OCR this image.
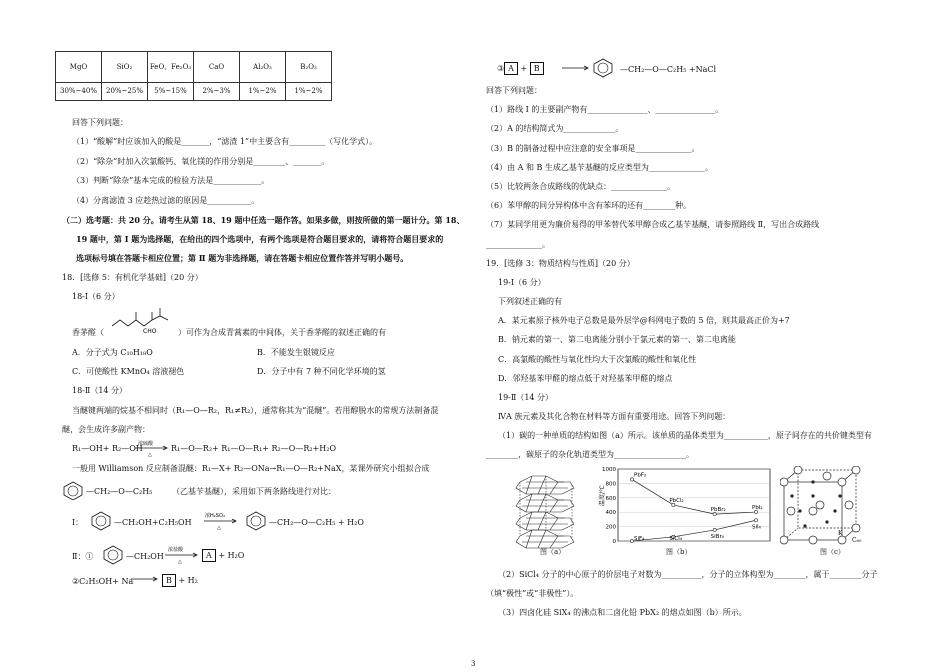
MgO	SiO₂	FeO、Fe₂O₃	CaO	Al₂O₃	B₂O₃
30%~40%	20%~25%	5%~15%	2%~3%	1%~2%	1%~2%
回答下列问题：
（1）“酸解”时应该加入的酸是_______，“滤渣 1”中主要含有_________（写化学式）。
（2）“除杂”时加入次氯酸钙、氧化镁的作用分别是________、_______。
（3）判断“除杂”基本完成的检验方法是____________。
（4）分离滤渣 3 应趁热过滤的原因是___________。
（二）选考题：共 20 分。请考生从第 18、19 题中任选一题作答。如果多做，则按所做的第一题计分。第 18、
19 题中，第 Ⅰ 题为选择题，在给出的四个选项中，有两个选项是符合题目要求的，请将符合题目要求的
选项标号填在答题卡相应位置；第 Ⅱ 题为非选择题，请在答题卡相应位置作答并写明小题号。
18．[选修 5：有机化学基础]（20 分）
18-Ⅰ（6 分）
CHO
香茅醛（	）可作为合成青蒿素的中间体，关于香茅醛的叙述正确的有
A．分子式为 C₁₀H₁₈O	B．不能发生银镜反应
C．可使酸性 KMnO₄ 溶液褪色	D．分子中有 7 种不同化学环境的氢
18-Ⅱ（14 分）
当醚键两端的烷基不相同时（R₁—O—R₂，R₁≠R₂），通常称其为“混醚”。若用醇脱水的常规方法制备混
醚，会生成许多副产物：
R₁—OH+ R₂—OH
浓硫酸
△
R₁—O—R₂+ R₁—O—R₁+ R₂—O—R₂+H₂O
一般用 Williamson 反应制备混醚：R₁—X+ R₂—ONa→R₁—O—R₂+NaX，某课外研究小组拟合成
—CH₂—O—C₂H₅ （乙基苄基醚），采用如下两条路线进行对比：
Ⅰ：	—CH₂OH+C₂H₅OH
浓H₂SO₄
△
—CH₂—O—C₂H₅ + H₂O
Ⅱ：①	—CH₂OH
浓盐酸
△
A + H₂O
②C₂H₅OH+ Na	B + H₂
③ A + B	—CH₂—O—C₂H₅ +NaCl
回答下列问题：
（1）路线 Ⅰ 的主要副产物有_______________、_______________。
（2）A 的结构简式为_____________。
（3）B 的制备过程中应注意的安全事项是______________。
（4）由 A 和 B 生成乙基苄基醚的反应类型为______________。
（5）比较两条合成路线的优缺点：______________。
（6）苯甲醇的同分异构体中含有苯环的还有________种。
（7）某同学用更为廉价易得的甲苯替代苯甲醇合成乙基苄基醚，请参照路线 Ⅱ，写出合成路线
______________。
19．[选修 3：物质结构与性质]（20 分）
19-Ⅰ（6 分）
下列叙述正确的有
A．某元素原子核外电子总数是最外层学@科网电子数的 5 倍，则其最高正价为+7
B．钠元素的第一、第二电离能分别小于氯元素的第一、第二电离能
C．高氯酸的酸性与氧化性均大于次氯酸的酸性和氧化性
D．邻羟基苯甲醛的熔点低于对羟基苯甲醛的熔点
19-Ⅱ（14 分）
ⅣA 族元素及其化合物在材料等方面有重要用途。回答下列问题：
（1）碳的一种单质的结构如图（a）所示。该单质的晶体类型为___________，原子间存在的共价键类型有
________，碳原子的杂化轨道类型为__________________。
图（a）
1000
800
600
400
200
0
温度/℃
PbF₂
PbCl₂
PbBr₂	PbI₂
SiF₄	SiCl₄	SiBr₄
SiI₄
图（b）
K
C₆₀
图（c）
（2）SiCl₄ 分子的中心原子的价层电子对数为__________，分子的立体构型为________，属于________分子
（填“极性”或“非极性”）。
（3）四卤化硅 SiX₄ 的沸点和二卤化铅 PbX₂ 的熔点如图（b）所示。
3
